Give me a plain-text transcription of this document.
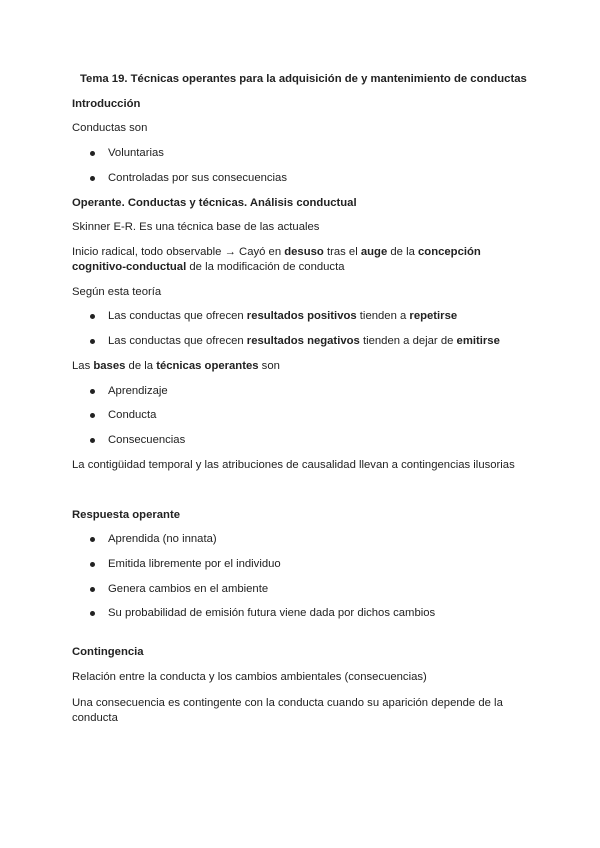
Tema 19. Técnicas operantes para la adquisición de y mantenimiento de conductas
Introducción
Conductas son
Voluntarias
Controladas por sus consecuencias
Operante. Conductas y técnicas. Análisis conductual
Skinner E-R. Es una técnica base de las actuales
Inicio radical, todo observable → Cayó en desuso tras el auge de la concepción
cognitivo-conductual de la modificación de conducta
Según esta teoría
Las conductas que ofrecen resultados positivos tienden a repetirse
Las conductas que ofrecen resultados negativos tienden a dejar de emitirse
Las bases de la técnicas operantes son
Aprendizaje
Conducta
Consecuencias
La contigüidad temporal y las atribuciones de causalidad llevan a contingencias ilusorias
Respuesta operante
Aprendida (no innata)
Emitida libremente por el individuo
Genera cambios en el ambiente
Su probabilidad de emisión futura viene dada por dichos cambios
Contingencia
Relación entre la conducta y los cambios ambientales (consecuencias)
Una consecuencia es contingente con la conducta cuando su aparición depende de la
conducta
